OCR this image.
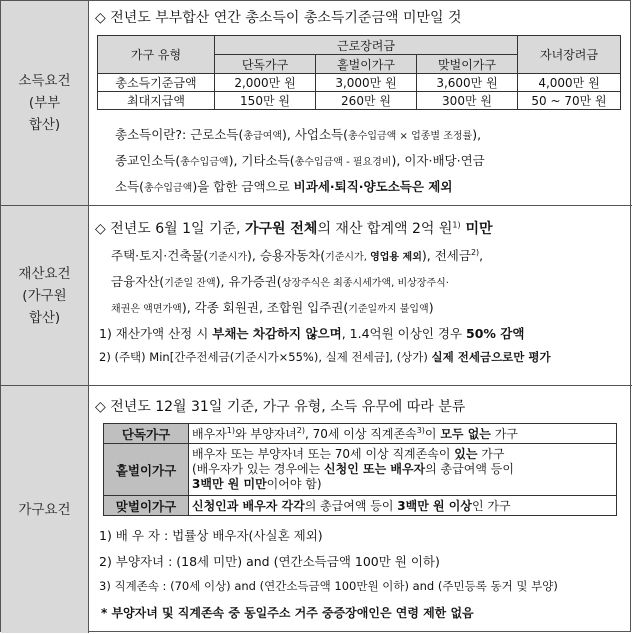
소득요건
(부부
합산)
◇ 전년도 부부합산 연간 총소득이 총소득기준금액 미만일 것
가구 유형	근로장려금			자녀장려금
	단독가구	홑벌이가구	맞벌이가구	
총소득기준금액	2,000만 원	3,000만 원	3,600만 원	4,000만 원
최대지급액	150만 원	260만 원	300만 원	50 ~ 70만 원
총소득이란?: 근로소득(총급여액), 사업소득(총수입금액 × 업종별 조정률),
종교인소득(총수입금액), 기타소득(총수입금액 - 필요경비), 이자·배당·연금
소득(총수입금액)을 합한 금액으로 비과세·퇴직·양도소득은 제외
재산요건
(가구원
합산)
◇ 전년도 6월 1일 기준, 가구원 전체의 재산 합계액 2억 원$^{1)}$ 미만
주택·토지·건축물(기준시가), 승용자동차(기준시가, 영업용 제외), 전세금$^{2)}$,
금융자산(기준일 잔액), 유가증권(상장주식은 최종시세가액, 비상장주식·
채권은 액면가액), 각종 회원권, 조합원 입주권(기준일까지 불입액)
1) 재산가액 산정 시 부채는 차감하지 않으며, 1.4억원 이상인 경우 50% 감액
2) (주택) Min[간주전세금(기준시가×55%), 실제 전세금], (상가) 실제 전세금으로만 평가
가구요건
◇ 전년도 12월 31일 기준, 가구 유형, 소득 유무에 따라 분류
단독가구	배우자$^{1)}$와 부양자녀$^{2)}$, 70세 이상 직계존속$^{3)}$이 모두 없는 가구
홑벌이가구	배우자 또는 부양자녀 또는 70세 이상 직계존속이 있는 가구
(배우자가 있는 경우에는 신청인 또는 배우자의 총급여액 등이
3백만 원 미만이어야 함)

맞벌이가구	신청인과 배우자 각각의 총급여액 등이 3백만 원 이상인 가구
1) 배 우 자 : 법률상 배우자(사실혼 제외)
2) 부양자녀 : (18세 미만) and (연간소득금액 100만 원 이하)
3) 직계존속 : (70세 이상) and (연간소득금액 100만원 이하) and (주민등록 동거 및 부양)
* 부양자녀 및 직계존속 중 동일주소 거주 중증장애인은 연령 제한 없음
